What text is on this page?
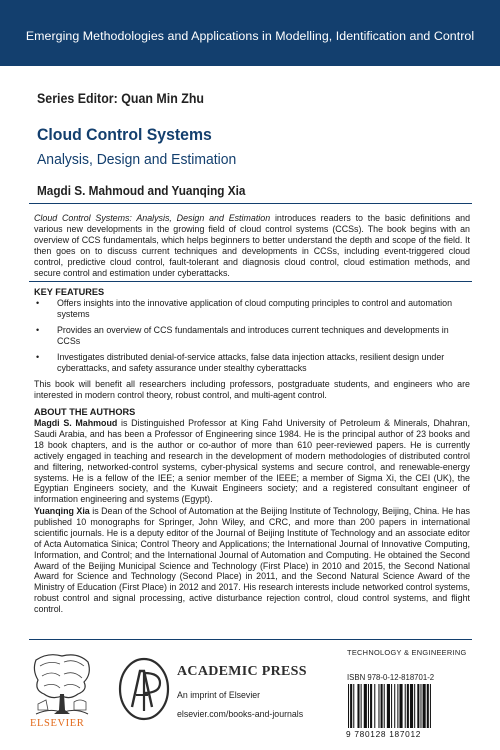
Emerging Methodologies and Applications in Modelling, Identification and Control
Series Editor: Quan Min Zhu
Cloud Control Systems
Analysis, Design and Estimation
Magdi S. Mahmoud and Yuanqing Xia

Cloud Control Systems: Analysis, Design and Estimation introduces readers to the basic definitions and various new developments in the growing field of cloud control systems (CCSs). The book begins with an overview of CCS fundamentals, which helps beginners to better understand the depth and scope of the field. It then goes on to discuss current techniques and developments in CCSs, including event-triggered cloud control, predictive cloud control, fault-tolerant and diagnosis cloud control, cloud estimation methods, and secure control and estimation under cyberattacks.

KEY FEATURES
• Offers insights into the innovative application of cloud computing principles to control and automation systems
• Provides an overview of CCS fundamentals and introduces current techniques and developments in CCSs
• Investigates distributed denial-of-service attacks, false data injection attacks, resilient design under cyberattacks, and safety assurance under stealthy cyberattacks

This book will benefit all researchers including professors, postgraduate students, and engineers who are interested in modern control theory, robust control, and multi-agent control.

ABOUT THE AUTHORS

Magdi S. Mahmoud is Distinguished Professor at King Fahd University of Petroleum & Minerals, Dhahran, Saudi Arabia, and has been a Professor of Engineering since 1984. He is the principal author of 23 books and 18 book chapters, and is the author or co-author of more than 610 peer-reviewed papers. He is currently actively engaged in teaching and research in the development of modern methodologies of distributed control and filtering, networked-control systems, cyber-physical systems and secure control, and renewable-energy systems. He is a fellow of the IEE; a senior member of the IEEE; a member of Sigma Xi, the CEI (UK), the Egyptian Engineers society, and the Kuwait Engineers society; and a registered consultant engineer of information engineering and systems (Egypt).

Yuanqing Xia is Dean of the School of Automation at the Beijing Institute of Technology, Beijing, China. He has published 10 monographs for Springer, John Wiley, and CRC, and more than 200 papers in international scientific journals. He is a deputy editor of the Journal of Beijing Institute of Technology and an associate editor of Acta Automatica Sinica; Control Theory and Applications; the International Journal of Innovative Computing, Information, and Control; and the International Journal of Automation and Computing. He obtained the Second Award of the Beijing Municipal Science and Technology (First Place) in 2010 and 2015, the Second National Award for Science and Technology (Second Place) in 2011, and the Second Natural Science Award of the Ministry of Education (First Place) in 2012 and 2017. His research interests include networked control systems, robust control and signal processing, active disturbance rejection control, cloud control systems, and flight control.

TECHNOLOGY & ENGINEERING
ISBN 978-0-12-818701-2
9 780128 187012
ELSEVIER
ACADEMIC PRESS
An imprint of Elsevier
elsevier.com/books-and-journals
